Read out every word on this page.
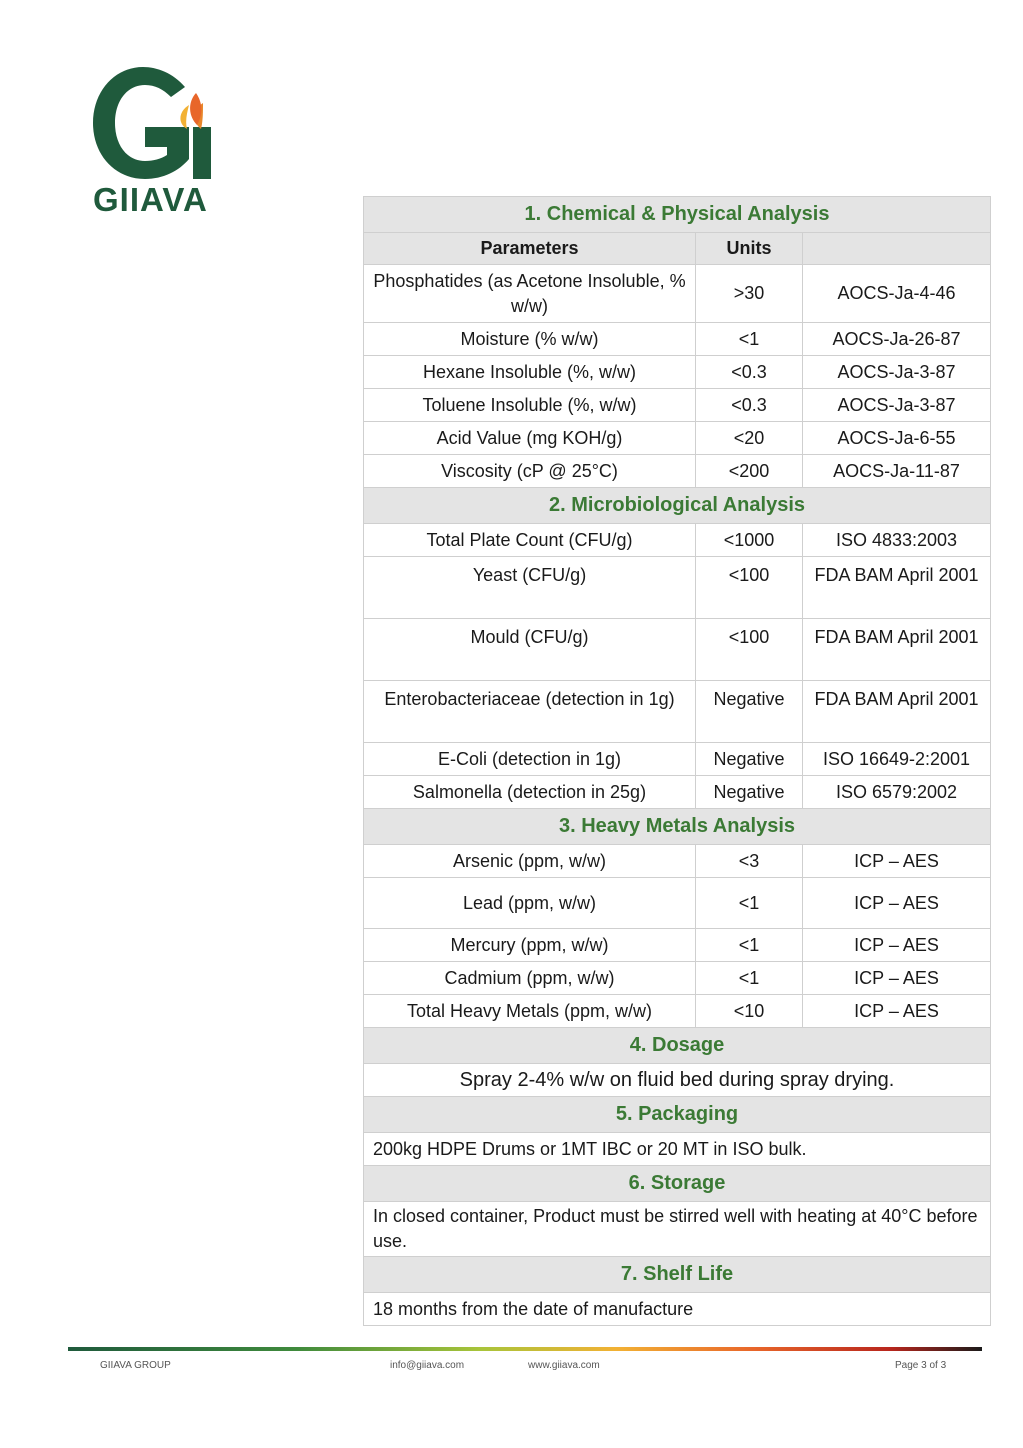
GIIAVA	1. Chemical & Physical Analysis		
Parameters	Units	
Phosphatides (as Acetone Insoluble, % w/w)	>30	AOCS-Ja-4-46
Moisture (% w/w)	<1	AOCS-Ja-26-87
Hexane Insoluble (%, w/w)	<0.3	AOCS-Ja-3-87
Toluene Insoluble (%, w/w)	<0.3	AOCS-Ja-3-87
Acid Value (mg KOH/g)	<20	AOCS-Ja-6-55
Viscosity (cP @ 25°C)	<200	AOCS-Ja-11-87
2. Microbiological Analysis		
Total Plate Count (CFU/g)	<1000	ISO 4833:2003
Yeast (CFU/g)	<100	FDA BAM April 2001
Mould (CFU/g)	<100	FDA BAM April 2001
Enterobacteriaceae (detection in 1g)	Negative	FDA BAM April 2001
E-Coli (detection in 1g)	Negative	ISO 16649-2:2001
Salmonella (detection in 25g)	Negative	ISO 6579:2002
3. Heavy Metals Analysis		
Arsenic (ppm, w/w)	<3	ICP – AES
Lead (ppm, w/w)	<1	ICP – AES
Mercury (ppm, w/w)	<1	ICP – AES
Cadmium (ppm, w/w)	<1	ICP – AES
Total Heavy Metals (ppm, w/w)	<10	ICP – AES
4. Dosage		
Spray 2-4% w/w on fluid bed during spray drying.		
5. Packaging		
200kg HDPE Drums or 1MT IBC or 20 MT in ISO bulk.		
6. Storage		
In closed container, Product must be stirred well with heating at 40°C before use.		
7. Shelf Life		
18 months from the date of manufacture		
GIIAVA GROUP	info@giiava.com	www.giiava.com	Page 3 of 3
